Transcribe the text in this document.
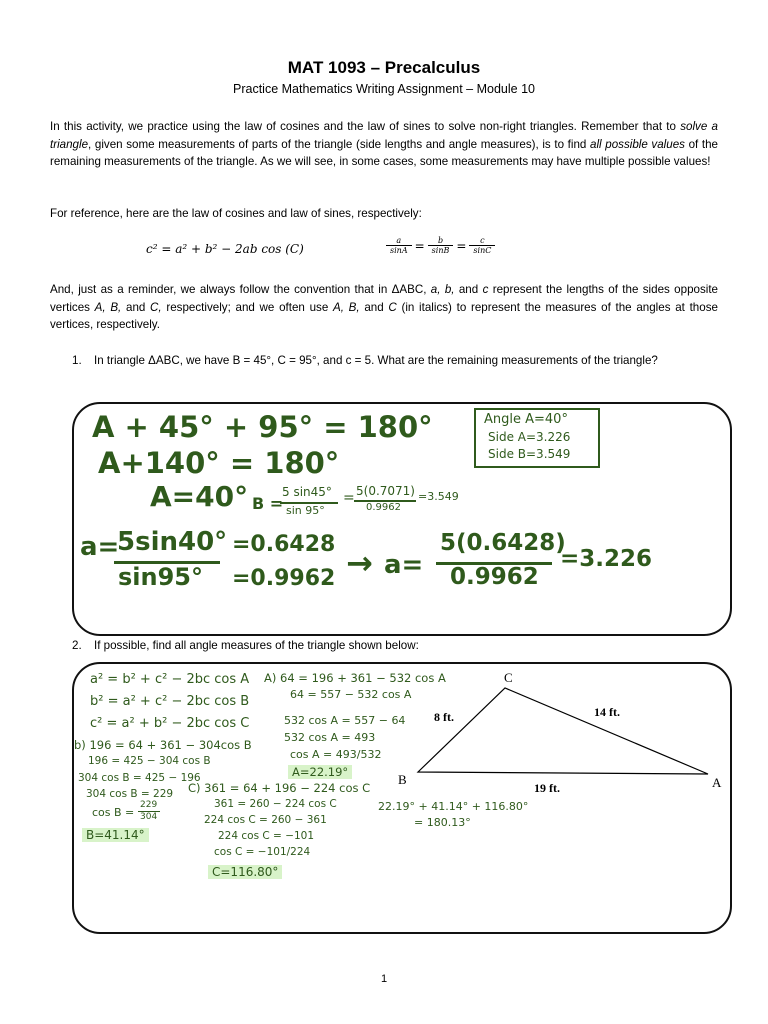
MAT 1093 – Precalculus
Practice Mathematics Writing Assignment – Module 10
In this activity, we practice using the law of cosines and the law of sines to solve non-right triangles. Remember that to solve a triangle, given some measurements of parts of the triangle (side lengths and angle measures), is to find all possible values of the remaining measurements of the triangle. As we will see, in some cases, some measurements may have multiple possible values!
For reference, here are the law of cosines and law of sines, respectively:
c² = a² + b² − 2ab cos (C)	$\frac{a}{\sin A} = \frac{b}{\sin B} = \frac{c}{\sin C}$
And, just as a reminder, we always follow the convention that in ΔABC, a, b, and c represent the lengths of the sides opposite vertices A, B, and C, respectively; and we often use A, B, and C (in italics) to represent the measures of the angles at those vertices, respectively.
1. In triangle ΔABC, we have B = 45°, C = 95°, and c = 5. What are the remaining measurements of the triangle?
A + 45° + 95° = 180°
A+140° = 180°
A=40° B =
5 sin45°
sin 95°
= 5(0.7071)
0.9962
=3.549
a=
5sin40°
sin95°
=0.6428
=0.9962 → a=
5(0.6428)
0.9962
=3.226
Angle A=40°
Side A=3.226
Side B=3.549
2. If possible, find all angle measures of the triangle shown below:
a² = b² + c² − 2bc cos A
b² = a² + c² − 2bc cos B
c² = a² + b² − 2bc cos C
b) 196 = 64 + 361 − 304cos B
196 = 425 − 304 cos B
304 cos B = 425 − 196
304 cos B = 229
cos B =
229
304
B=41.14°
A) 64 = 196 + 361 − 532 cos A
64 = 557 − 532 cos A
532 cos A = 557 − 64
532 cos A = 493
cos A = 493/532
A=22.19°
C) 361 = 64 + 196 − 224 cos C
361 = 260 − 224 cos C
224 cos C = 260 − 361
224 cos C = −101
cos C = −101/224
C=116.80°
22.19° + 41.14° + 116.80°
= 180.13°
C
B	A
8 ft.	14 ft.
19 ft.
1
